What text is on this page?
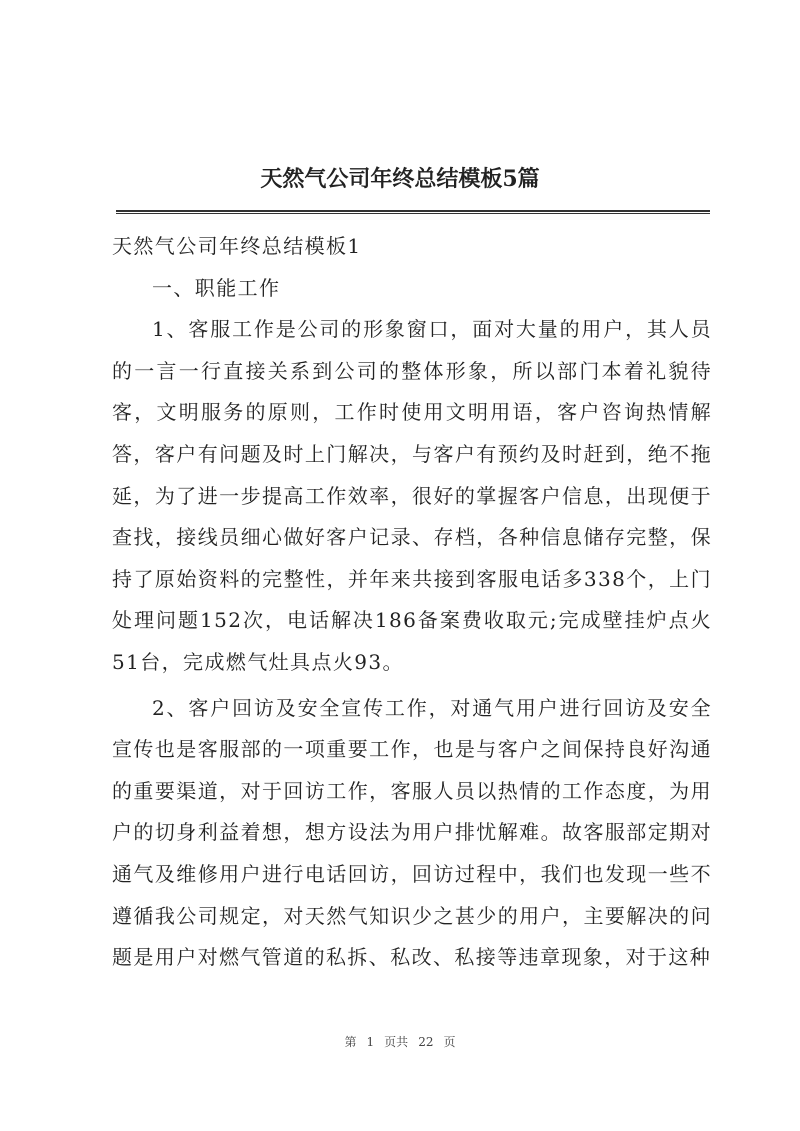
天然气公司年终总结模板5篇

天然气公司年终总结模板1

一、职能工作

1、客服工作是公司的形象窗口，面对大量的用户，其人员的一言一行直接关系到公司的整体形象，所以部门本着礼貌待客，文明服务的原则，工作时使用文明用语，客户咨询热情解答，客户有问题及时上门解决，与客户有预约及时赶到，绝不拖延，为了进一步提高工作效率，很好的掌握客户信息，出现便于查找，接线员细心做好客户记录、存档，各种信息储存完整，保持了原始资料的完整性，并年来共接到客服电话多338个，上门处理问题152次，电话解决186备案费收取元;完成壁挂炉点火51台，完成燃气灶具点火93。

2、客户回访及安全宣传工作，对通气用户进行回访及安全宣传也是客服部的一项重要工作，也是与客户之间保持良好沟通的重要渠道，对于回访工作，客服人员以热情的工作态度，为用户的切身利益着想，想方设法为用户排忧解难。故客服部定期对通气及维修用户进行电话回访，回访过程中，我们也发现一些不遵循我公司规定，对天然气知识少之甚少的用户，主要解决的问题是用户对燃气管道的私拆、私改、私接等违章现象，对于这种

第 1 页共 22 页
